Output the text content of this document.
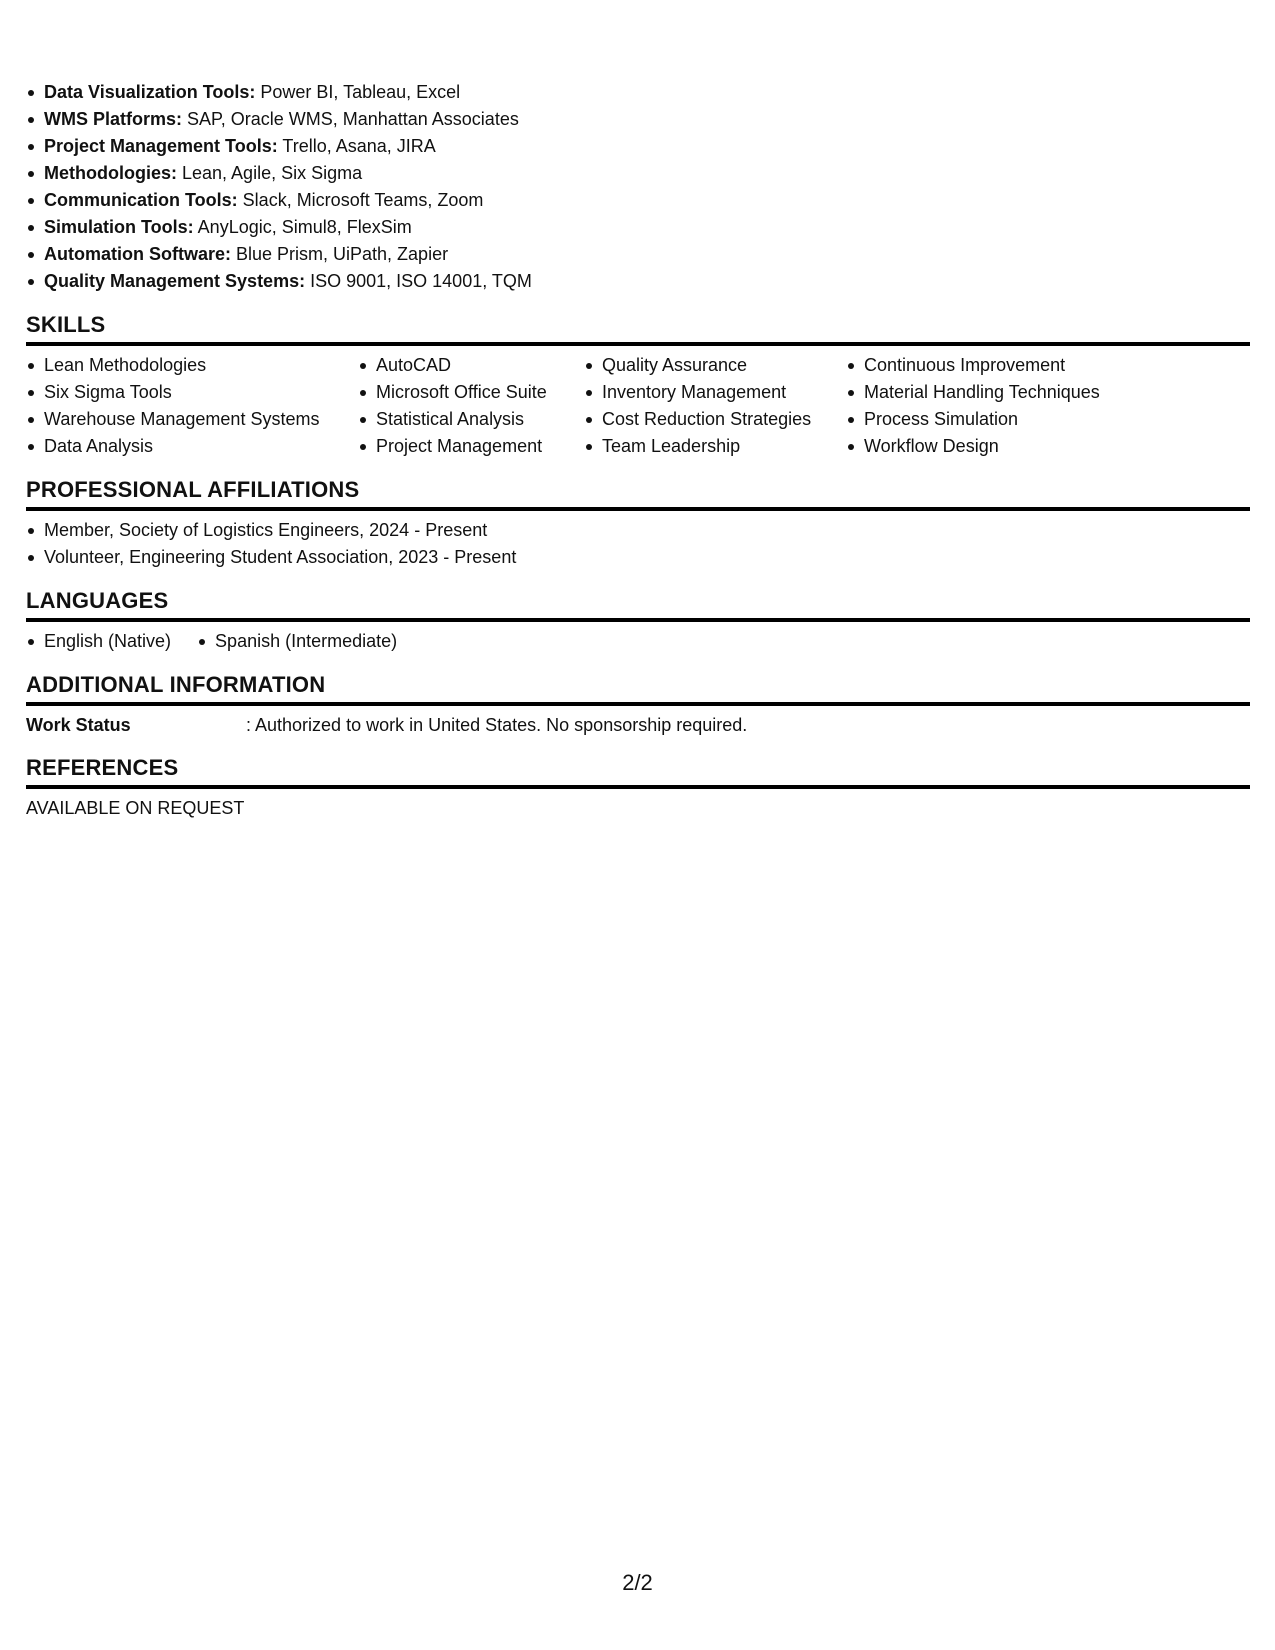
Data Visualization Tools: Power BI, Tableau, Excel
WMS Platforms: SAP, Oracle WMS, Manhattan Associates
Project Management Tools: Trello, Asana, JIRA
Methodologies: Lean, Agile, Six Sigma
Communication Tools: Slack, Microsoft Teams, Zoom
Simulation Tools: AnyLogic, Simul8, FlexSim
Automation Software: Blue Prism, UiPath, Zapier
Quality Management Systems: ISO 9001, ISO 14001, TQM
SKILLS
Lean Methodologies
Six Sigma Tools
Warehouse Management Systems
Data Analysis
AutoCAD
Microsoft Office Suite
Statistical Analysis
Project Management
Quality Assurance
Inventory Management
Cost Reduction Strategies
Team Leadership
Continuous Improvement
Material Handling Techniques
Process Simulation
Workflow Design
PROFESSIONAL AFFILIATIONS
Member, Society of Logistics Engineers, 2024 - Present
Volunteer, Engineering Student Association, 2023 - Present
LANGUAGES
English (Native)	Spanish (Intermediate)
ADDITIONAL INFORMATION
Work Status	: Authorized to work in United States. No sponsorship required.
REFERENCES
AVAILABLE ON REQUEST
2/2
